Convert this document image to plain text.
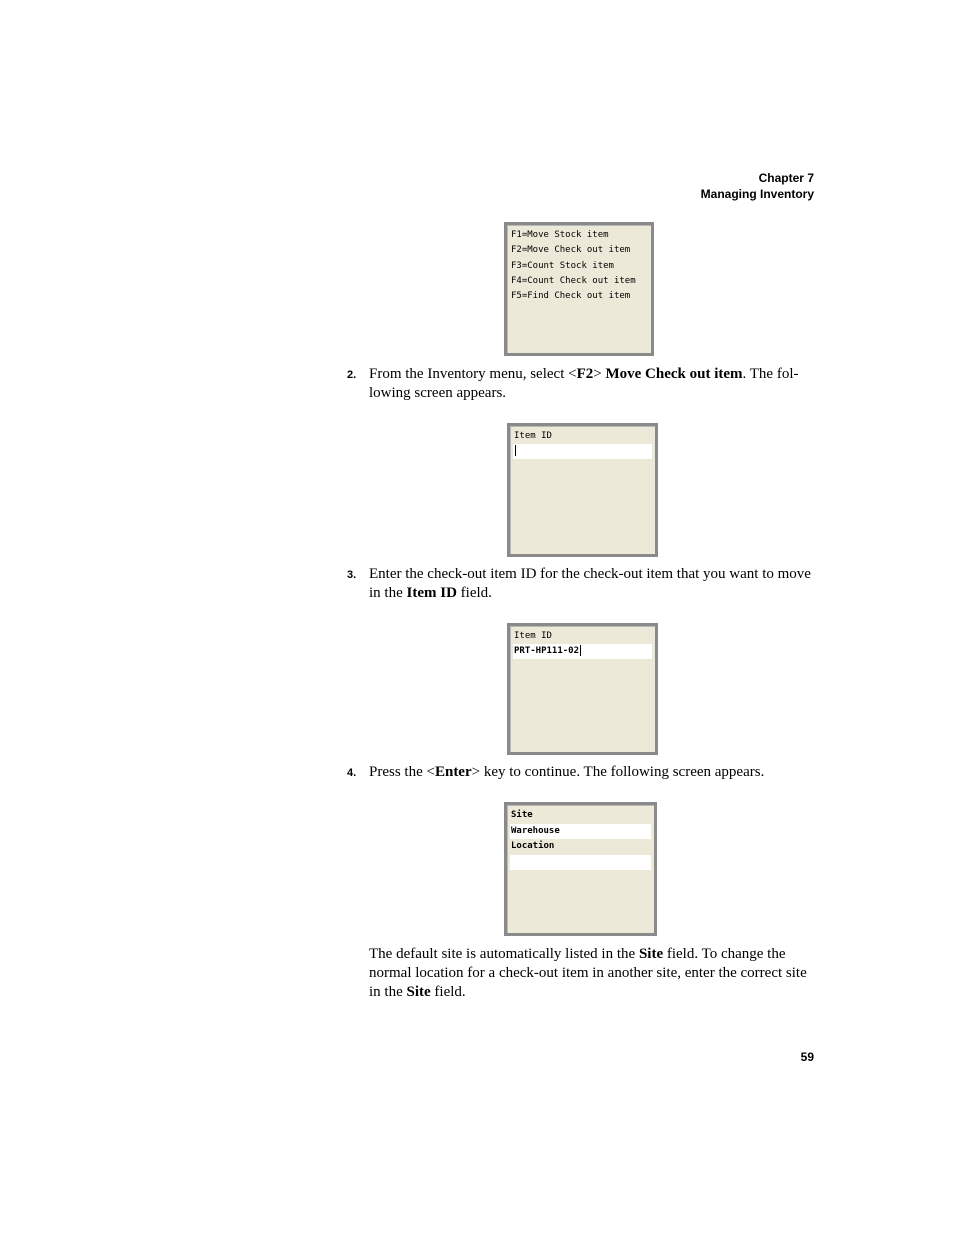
Chapter 7
Managing Inventory
F1=Move Stock item
F2=Move Check out item
F3=Count Stock item
F4=Count Check out item
F5=Find Check out item
2. From the Inventory menu, select <F2> Move Check out item. The fol-lowing screen appears.
Item ID
3. Enter the check-out item ID for the check-out item that you want to move in the Item ID field.
Item ID
PRT-HP111-02
4. Press the <Enter> key to continue. The following screen appears.
Site
Warehouse
Location
The default site is automatically listed in the Site field. To change the normal location for a check-out item in another site, enter the correct site in the Site field.
59
